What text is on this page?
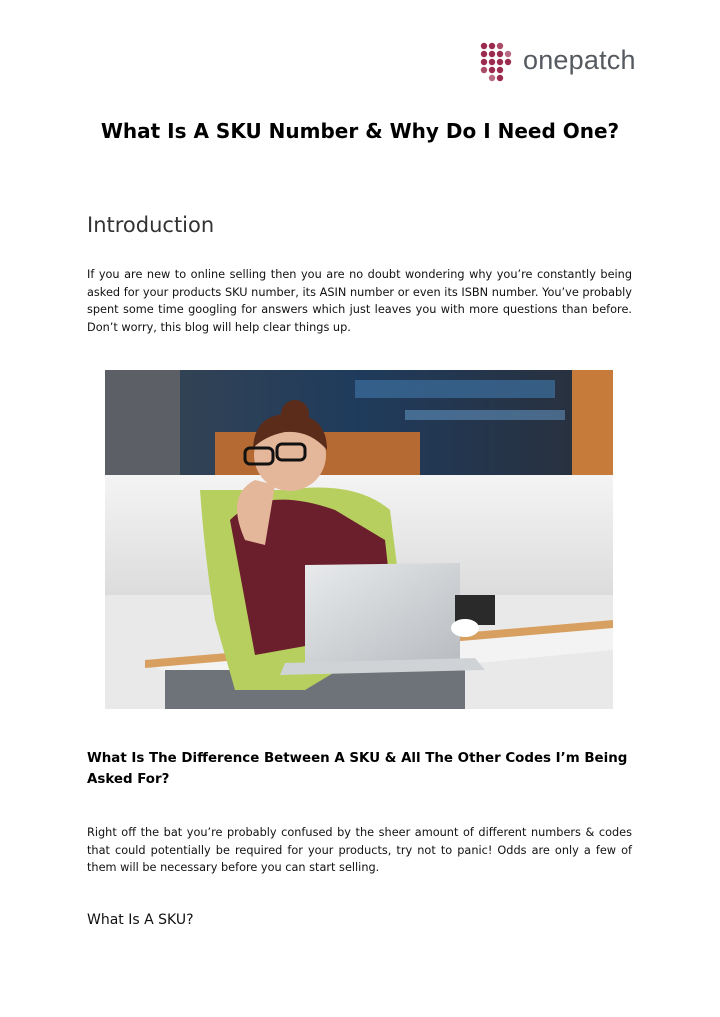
onepatch
What Is A SKU Number & Why Do I Need One?
Introduction

If you are new to online selling then you are no doubt wondering why you’re constantly being asked for your products SKU number, its ASIN number or even its ISBN number. You’ve probably spent some time googling for answers which just leaves you with more questions than before. Don’t worry, this blog will help clear things up.

What Is The Difference Between A SKU & All The Other Codes I’m Being Asked For?

Right off the bat you’re probably confused by the sheer amount of different numbers & codes that could potentially be required for your products, try not to panic! Odds are only a few of them will be necessary before you can start selling.

What Is A SKU?
